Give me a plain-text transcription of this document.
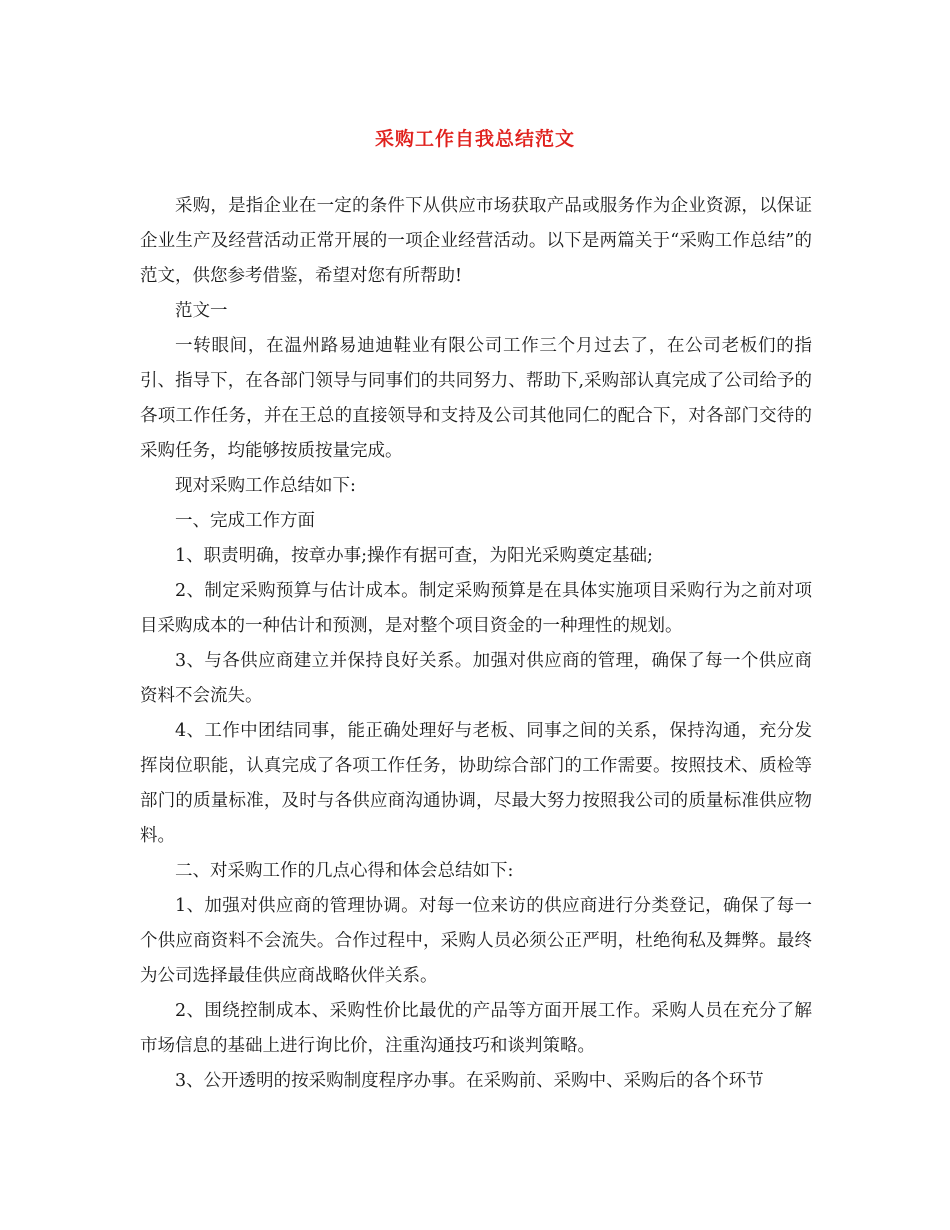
采购工作自我总结范文

采购，是指企业在一定的条件下从供应市场获取产品或服务作为企业资源，以保证企业生产及经营活动正常开展的一项企业经营活动。以下是两篇关于“采购工作总结”的范文，供您参考借鉴，希望对您有所帮助!

范文一

一转眼间，在温州路易迪迪鞋业有限公司工作三个月过去了，在公司老板们的指引、指导下，在各部门领导与同事们的共同努力、帮助下,采购部认真完成了公司给予的各项工作任务，并在王总的直接领导和支持及公司其他同仁的配合下，对各部门交待的采购任务，均能够按质按量完成。

现对采购工作总结如下:

一、完成工作方面

1、职责明确，按章办事;操作有据可查，为阳光采购奠定基础;

2、制定采购预算与估计成本。制定采购预算是在具体实施项目采购行为之前对项目采购成本的一种估计和预测，是对整个项目资金的一种理性的规划。

3、与各供应商建立并保持良好关系。加强对供应商的管理，确保了每一个供应商资料不会流失。

4、工作中团结同事，能正确处理好与老板、同事之间的关系，保持沟通，充分发挥岗位职能，认真完成了各项工作任务，协助综合部门的工作需要。按照技术、质检等部门的质量标准，及时与各供应商沟通协调，尽最大努力按照我公司的质量标准供应物料。

二、对采购工作的几点心得和体会总结如下:

1、加强对供应商的管理协调。对每一位来访的供应商进行分类登记，确保了每一个供应商资料不会流失。合作过程中，采购人员必须公正严明，杜绝徇私及舞弊。最终为公司选择最佳供应商战略伙伴关系。

2、围绕控制成本、采购性价比最优的产品等方面开展工作。采购人员在充分了解市场信息的基础上进行询比价，注重沟通技巧和谈判策略。

3、公开透明的按采购制度程序办事。在采购前、采购中、采购后的各个环节
